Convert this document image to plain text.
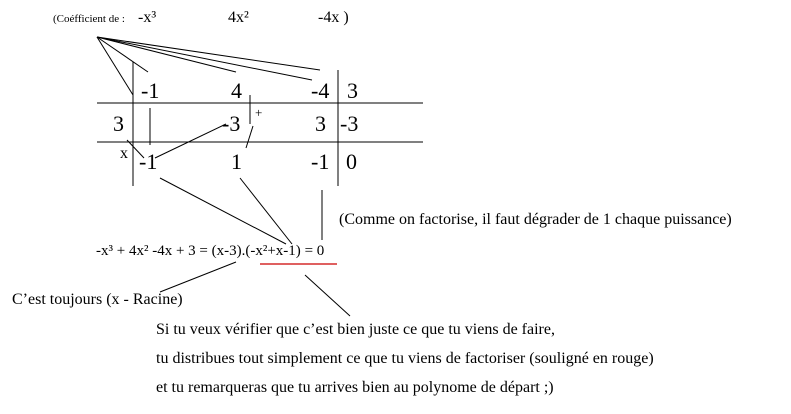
(Coéfficient de : -x³	4x²	-4x )
-1	4	-4 3
3	-3	3 -3
+
x -1	1	-1 0
(Comme on factorise, il faut dégrader de 1 chaque puissance)
-x³ + 4x² -4x + 3 = (x-3).(-x²+x-1) = 0
C’est toujours (x - Racine)
Si tu veux vérifier que c’est bien juste ce que tu viens de faire,
tu distribues tout simplement ce que tu viens de factoriser (souligné en rouge)
et tu remarqueras que tu arrives bien au polynome de départ ;)
